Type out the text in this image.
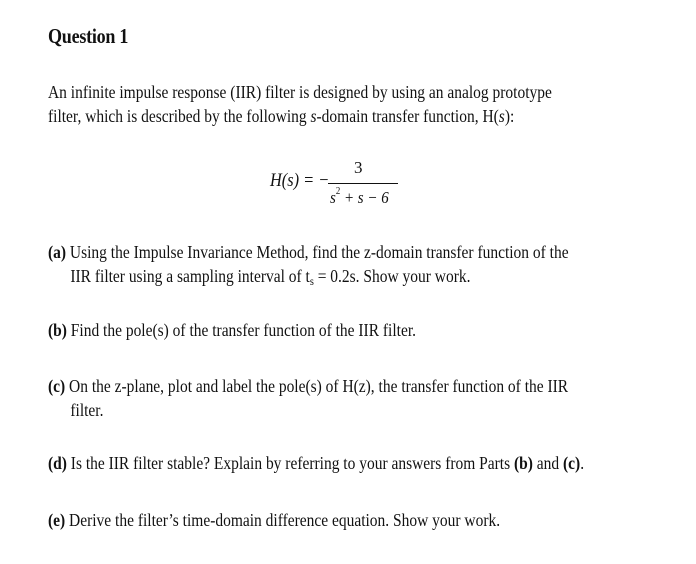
Question 1
An infinite impulse response (IIR) filter is designed by using an analog prototype
filter, which is described by the following s-domain transfer function, H(s):
H(s) = −
3
$s^2 + s - 6$
(a) Using the Impulse Invariance Method, find the z-domain transfer function of the
IIR filter using a sampling interval of $t_s = 0.2s$. Show your work.
(b) Find the pole(s) of the transfer function of the IIR filter.
(c) On the z-plane, plot and label the pole(s) of H(z), the transfer function of the IIR
filter.
(d) Is the IIR filter stable? Explain by referring to your answers from Parts (b) and (c).
(e) Derive the filter’s time-domain difference equation. Show your work.
